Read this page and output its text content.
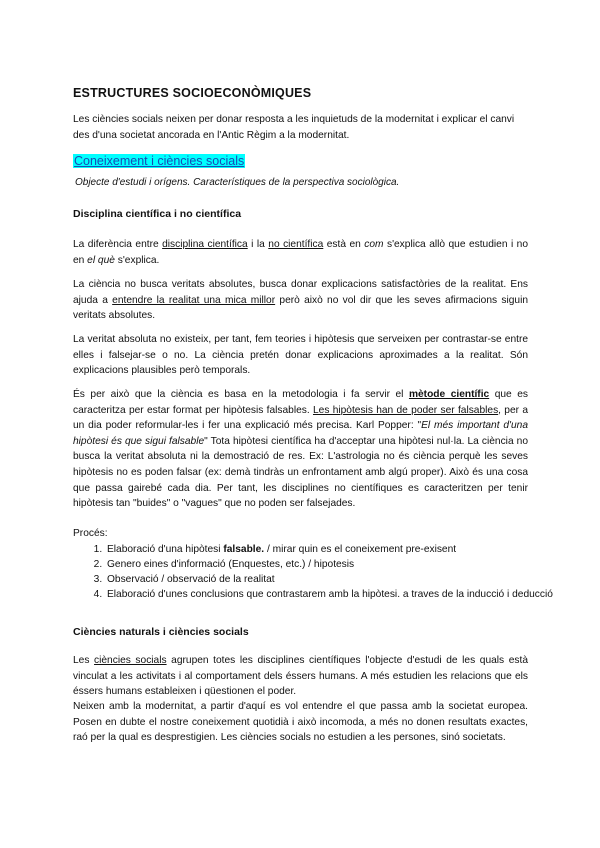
ESTRUCTURES SOCIOECONÒMIQUES

Les ciències socials neixen per donar resposta a les inquietuds de la modernitat i explicar el canvi des d'una societat ancorada en l'Antic Règim a la modernitat.

Coneixement i ciències socials
Objecte d'estudi i orígens. Característiques de la perspectiva sociològica.
Disciplina científica i no científica

La diferència entre disciplina científica i la no científica està en com s'explica allò que estudien i no en el què s'explica.

La ciència no busca veritats absolutes, busca donar explicacions satisfactòries de la realitat. Ens ajuda a entendre la realitat una mica millor però això no vol dir que les seves afirmacions siguin veritats absolutes.

La veritat absoluta no existeix, per tant, fem teories i hipòtesis que serveixen per contrastar-se entre elles i falsejar-se o no. La ciència pretén donar explicacions aproximades a la realitat. Són explicacions plausibles però temporals.

És per això que la ciència es basa en la metodologia i fa servir el mètode científic que es caracteritza per estar format per hipòtesis falsables. Les hipòtesis han de poder ser falsables, per a un dia poder reformular-les i fer una explicació més precisa. Karl Popper: "El més important d'una hipòtesi és que sigui falsable" Tota hipòtesi científica ha d'acceptar una hipòtesi nul·la. La ciència no busca la veritat absoluta ni la demostració de res. Ex: L'astrologia no és ciència perquè les seves hipòtesis no es poden falsar (ex: demà tindràs un enfrontament amb algú proper). Això és una cosa que passa gairebé cada dia. Per tant, les disciplines no científiques es caracteritzen per tenir hipòtesis tan "buides" o "vagues" que no poden ser falsejades.

Procés:
1. Elaboració d'una hipòtesi falsable. / mirar quin es el coneixement pre-exisent
2. Genero eines d'informació (Enquestes, etc.) / hipotesis
3. Observació / observació de la realitat
4. Elaboració d'unes conclusions que contrastarem amb la hipòtesi. a traves de la inducció i deducció
Ciències naturals i ciències socials

Les ciències socials agrupen totes les disciplines científiques l'objecte d'estudi de les quals està vinculat a les activitats i al comportament dels éssers humans. A més estudien les relacions que els éssers humans estableixen i qüestionen el poder.

Neixen amb la modernitat, a partir d'aquí es vol entendre el que passa amb la societat europea. Posen en dubte el nostre coneixement quotidià i això incomoda, a més no donen resultats exactes, raó per la qual es desprestigien. Les ciències socials no estudien a les persones, sinó societats.
